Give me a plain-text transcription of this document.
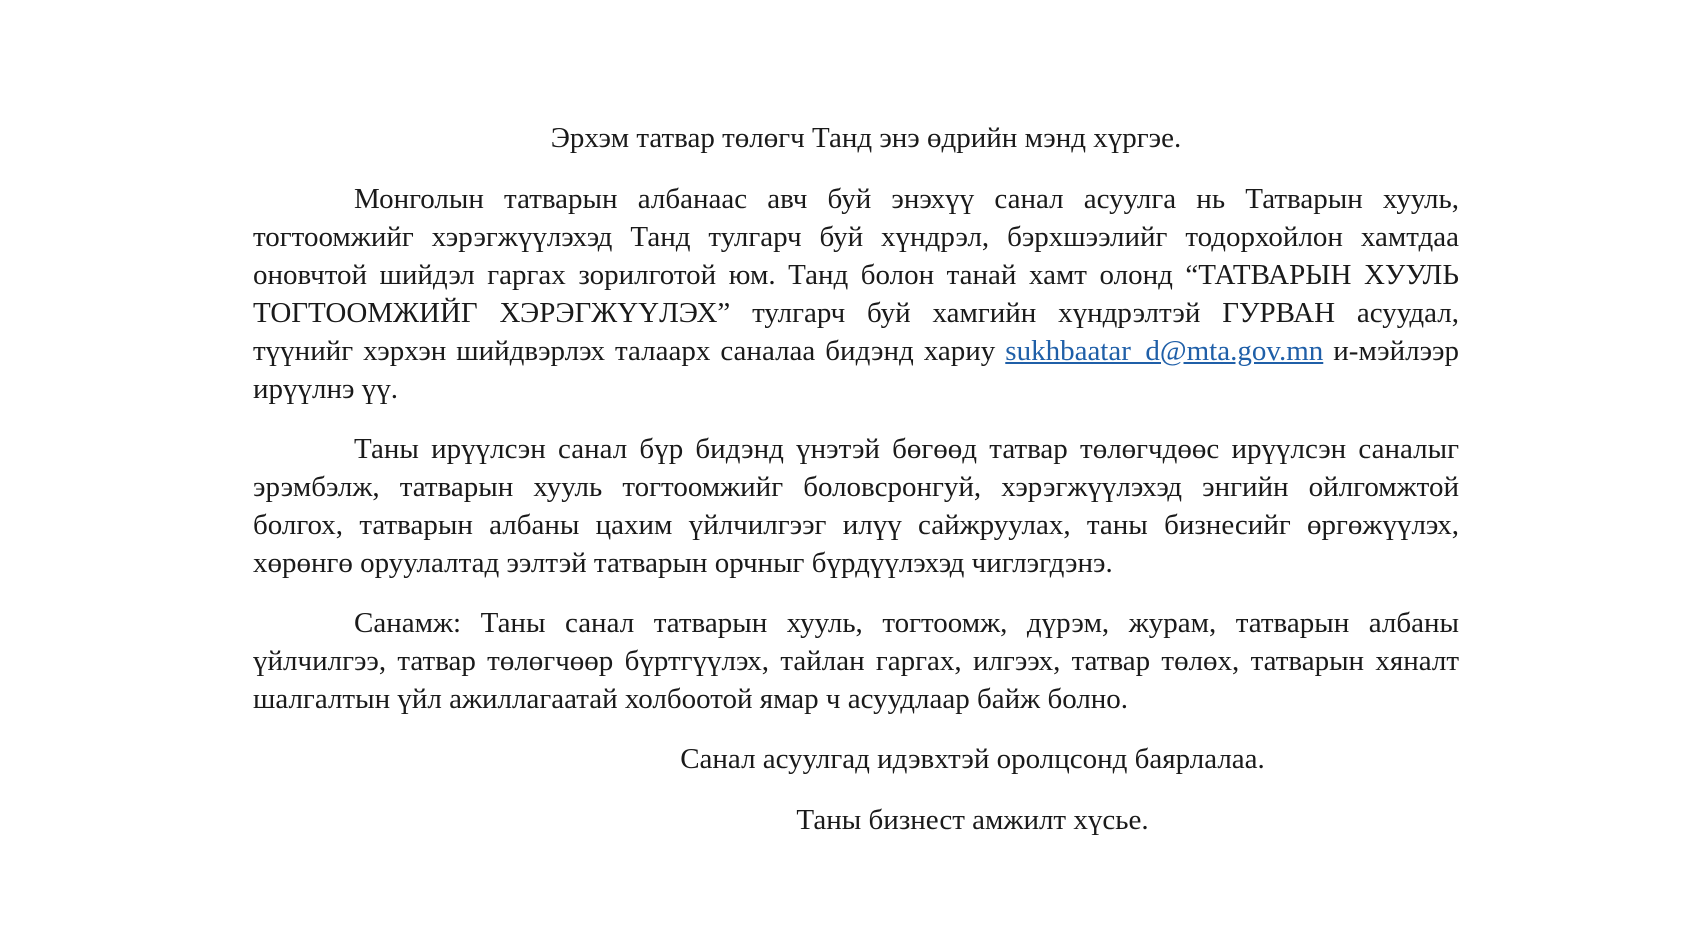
Эрхэм татвар төлөгч Танд энэ өдрийн мэнд хүргэе.

Монголын татварын албанаас авч буй энэхүү санал асуулга нь Татварын хууль, тогтоомжийг хэрэгжүүлэхэд Танд тулгарч буй хүндрэл, бэрхшээлийг тодорхойлон хамтдаа оновчтой шийдэл гаргах зорилготой юм. Танд болон танай хамт олонд “ТАТВАРЫН ХУУЛЬ ТОГТООМЖИЙГ ХЭРЭГЖҮҮЛЭХ” тулгарч буй хамгийн хүндрэлтэй ГУРВАН асуудал, түүнийг хэрхэн шийдвэрлэх талаарх саналаа бидэнд хариу sukhbaatar_d@mta.gov.mn и-мэйлээр ирүүлнэ үү.

Таны ирүүлсэн санал бүр бидэнд үнэтэй бөгөөд татвар төлөгчдөөс ирүүлсэн саналыг эрэмбэлж, татварын хууль тогтоомжийг боловсронгуй, хэрэгжүүлэхэд энгийн ойлгомжтой болгох, татварын албаны цахим үйлчилгээг илүү сайжруулах, таны бизнесийг өргөжүүлэх, хөрөнгө оруулалтад ээлтэй татварын орчныг бүрдүүлэхэд чиглэгдэнэ.

Санамж: Таны санал татварын хууль, тогтоомж, дүрэм, журам, татварын албаны үйлчилгээ, татвар төлөгчөөр бүртгүүлэх, тайлан гаргах, илгээх, татвар төлөх, татварын хяналт шалгалтын үйл ажиллагаатай холбоотой ямар ч асуудлаар байж болно.

Санал асуулгад идэвхтэй оролцсонд баярлалаа.

Таны бизнест амжилт хүсье.
